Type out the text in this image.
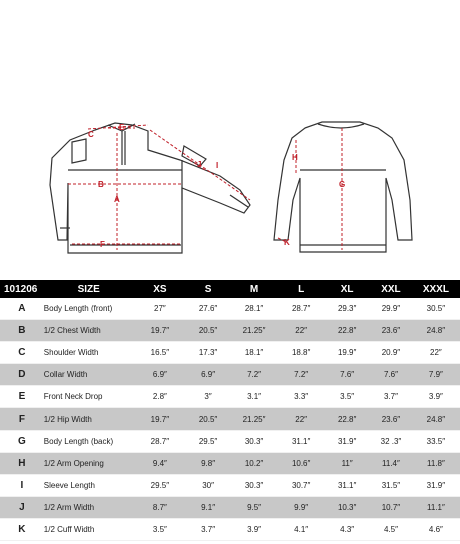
A
B
C
E
F
I
J
G
H
K
101206	SIZE	XS	S	M	L	XL	XXL	XXXL
A	Body Length (front)	27″	27.6″	28.1″	28.7″	29.3″	29.9″	30.5″
B	1/2 Chest Width	19.7″	20.5″	21.25″	22″	22.8″	23.6″	24.8″
C	Shoulder Width	16.5″	17.3″	18.1″	18.8″	19.9″	20.9″	22″
D	Collar Width	6.9″	6.9″	7.2″	7.2″	7.6″	7.6″	7.9″
E	Front Neck Drop	2.8″	3″	3.1″	3.3″	3.5″	3.7″	3.9″
F	1/2 Hip Width	19.7″	20.5″	21.25″	22″	22.8″	23.6″	24.8″
G	Body Length (back)	28.7″	29.5″	30.3″	31.1″	31.9″	32 .3″	33.5″
H	1/2 Arm Opening	9.4″	9.8″	10.2″	10.6″	11″	11.4″	11.8″
I	Sleeve Length	29.5″	30″	30.3″	30.7″	31.1″	31.5″	31.9″
J	1/2 Arm Width	8.7″	9.1″	9.5″	9.9″	10.3″	10.7″	11.1″
K	1/2 Cuff Width	3.5″	3.7″	3.9″	4.1″	4.3″	4.5″	4.6″
